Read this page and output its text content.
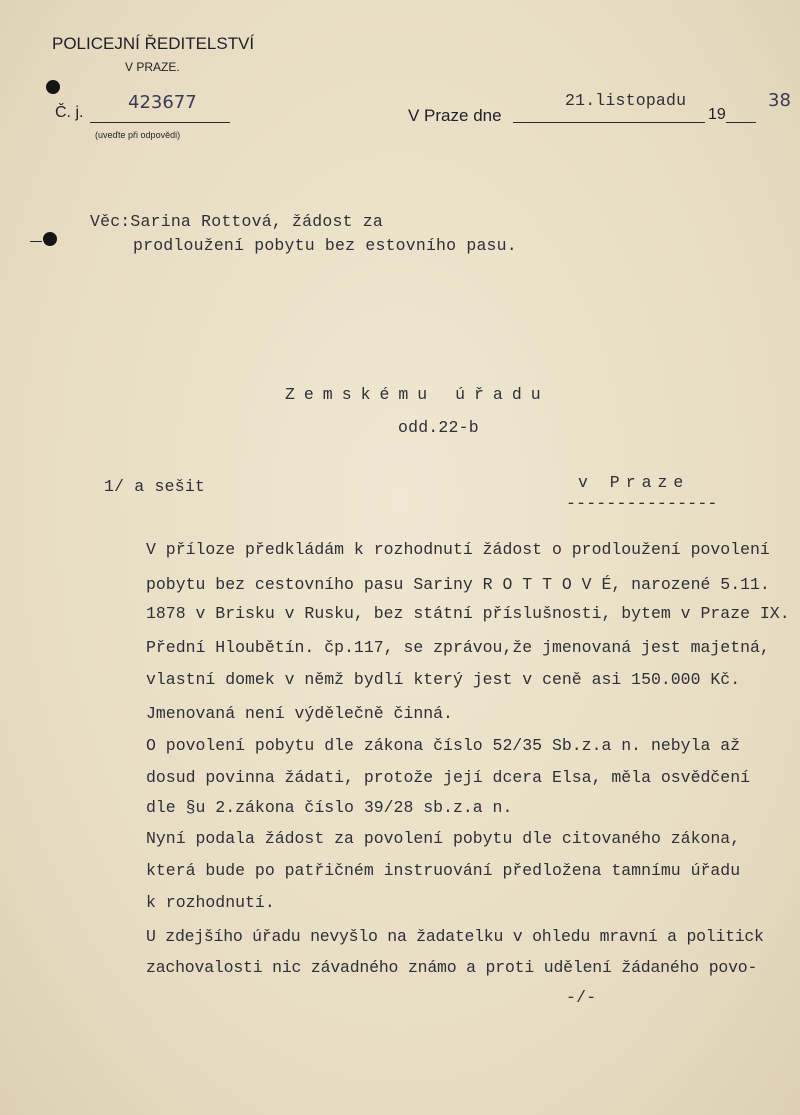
POLICEJNÍ ŘEDITELSTVÍ
V PRAZE.
Č. j. 423677
(uveďte při odpovědi)
V Praze dne
21.listopadu
19
38
Věc:Sarina Rottová, žádost za
prodloužení pobytu bez estovního pasu.
Zemskému úřadu
odd.22-b
1/ a sešit	v Praze
---------------
V příloze předkládám k rozhodnutí žádost o prodloužení povolení
pobytu bez cestovního pasu Sariny R O T T O V É, narozené 5.11.
1878 v Brisku v Rusku, bez státní příslušnosti, bytem v Praze IX.
Přední Hloubětín. čp.117, se zprávou,že jmenovaná jest majetná,
vlastní domek v němž bydlí který jest v ceně asi 150.000 Kč.
Jmenovaná není výdělečně činná.
O povolení pobytu dle zákona číslo 52/35 Sb.z.a n. nebyla až
dosud povinna žádati, protože její dcera Elsa, měla osvědčení
dle §u 2.zákona číslo 39/28 sb.z.a n.
Nyní podala žádost za povolení pobytu dle citovaného zákona,
která bude po patřičném instruování předložena tamnímu úřadu
k rozhodnutí.
U zdejšího úřadu nevyšlo na žadatelku v ohledu mravní a politick
zachovalosti nic závadného známo a proti udělení žádaného povo-
-/-
